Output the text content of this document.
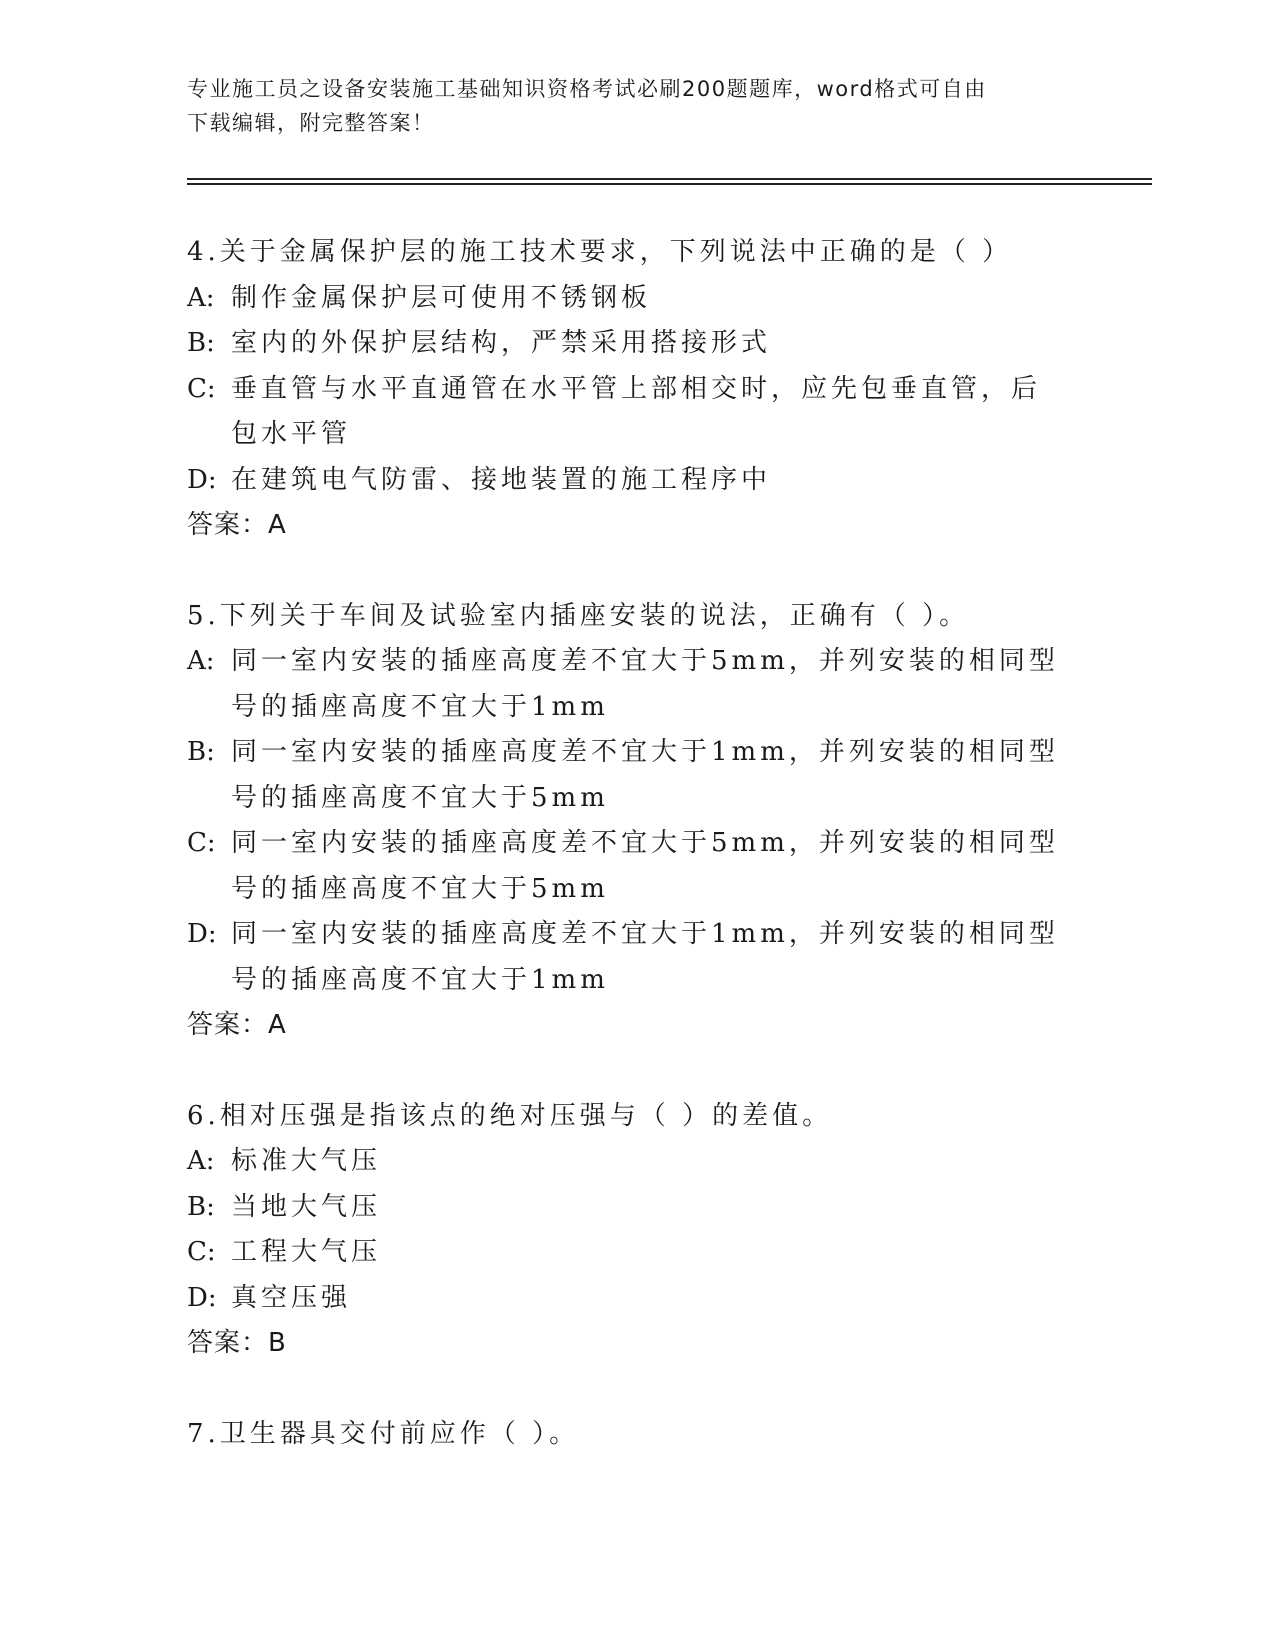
专业施工员之设备安装施工基础知识资格考试必刷200题题库，word格式可自由
下载编辑，附完整答案！
4.关于金属保护层的施工技术要求，下列说法中正确的是（ ）
A: 制作金属保护层可使用不锈钢板
B: 室内的外保护层结构，严禁采用搭接形式
C: 垂直管与水平直通管在水平管上部相交时，应先包垂直管，后包水平管
D: 在建筑电气防雷、接地装置的施工程序中
答案：A
5.下列关于车间及试验室内插座安装的说法，正确有（ ）。
A: 同一室内安装的插座高度差不宜大于5mm，并列安装的相同型号的插座高度不宜大于1mm
B: 同一室内安装的插座高度差不宜大于1mm，并列安装的相同型号的插座高度不宜大于5mm
C: 同一室内安装的插座高度差不宜大于5mm，并列安装的相同型号的插座高度不宜大于5mm
D: 同一室内安装的插座高度差不宜大于1mm，并列安装的相同型号的插座高度不宜大于1mm
答案：A
6.相对压强是指该点的绝对压强与（ ）的差值。
A: 标准大气压
B: 当地大气压
C: 工程大气压
D: 真空压强
答案：B
7.卫生器具交付前应作（ ）。
